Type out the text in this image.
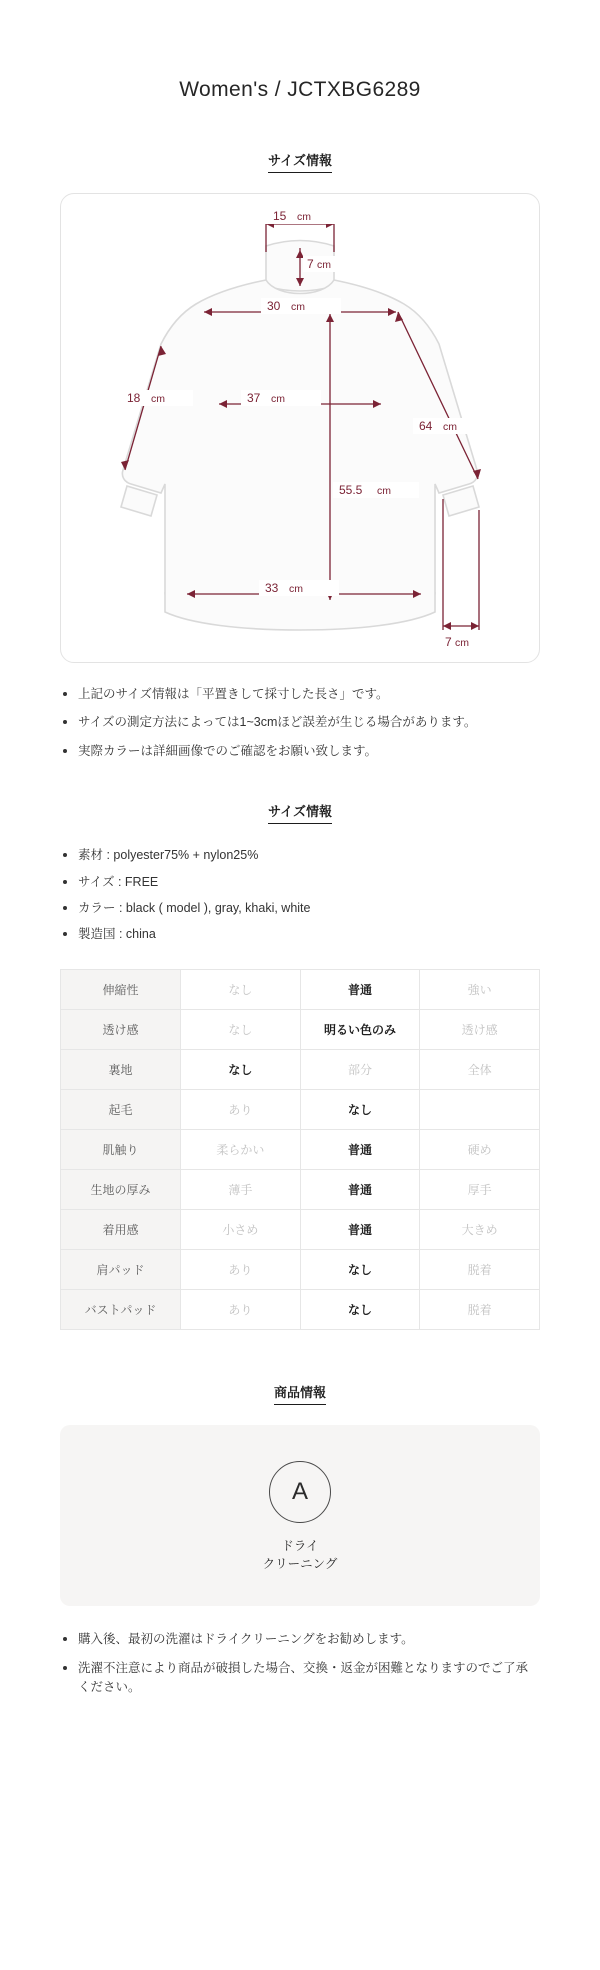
Women's / JCTXBG6289
サイズ情報
15 cm
7 cm
30 cm
18 cm	37 cm
64 cm
55.5 cm
33 cm
7 cm
上記のサイズ情報は「平置きして採寸した長さ」です。
サイズの測定方法によっては1~3cmほど誤差が生じる場合があります。
実際カラーは詳細画像でのご確認をお願い致します。
サイズ情報
素材 : polyester75% + nylon25%
サイズ : FREE
カラー : black ( model ), gray, khaki, white
製造国 : china
伸縮性	なし	普通	強い
透け感	なし	明るい色のみ	透け感
裏地	なし	部分	全体
起毛	あり	なし	
肌触り	柔らかい	普通	硬め
生地の厚み	薄手	普通	厚手
着用感	小さめ	普通	大きめ
肩パッド	あり	なし	脱着
バストパッド	あり	なし	脱着
商品情報
A
ドライ
クリーニング
購入後、最初の洗濯はドライクリーニングをお勧めします。
洗濯不注意により商品が破損した場合、交換・返金が困難となりますのでご了承ください。
